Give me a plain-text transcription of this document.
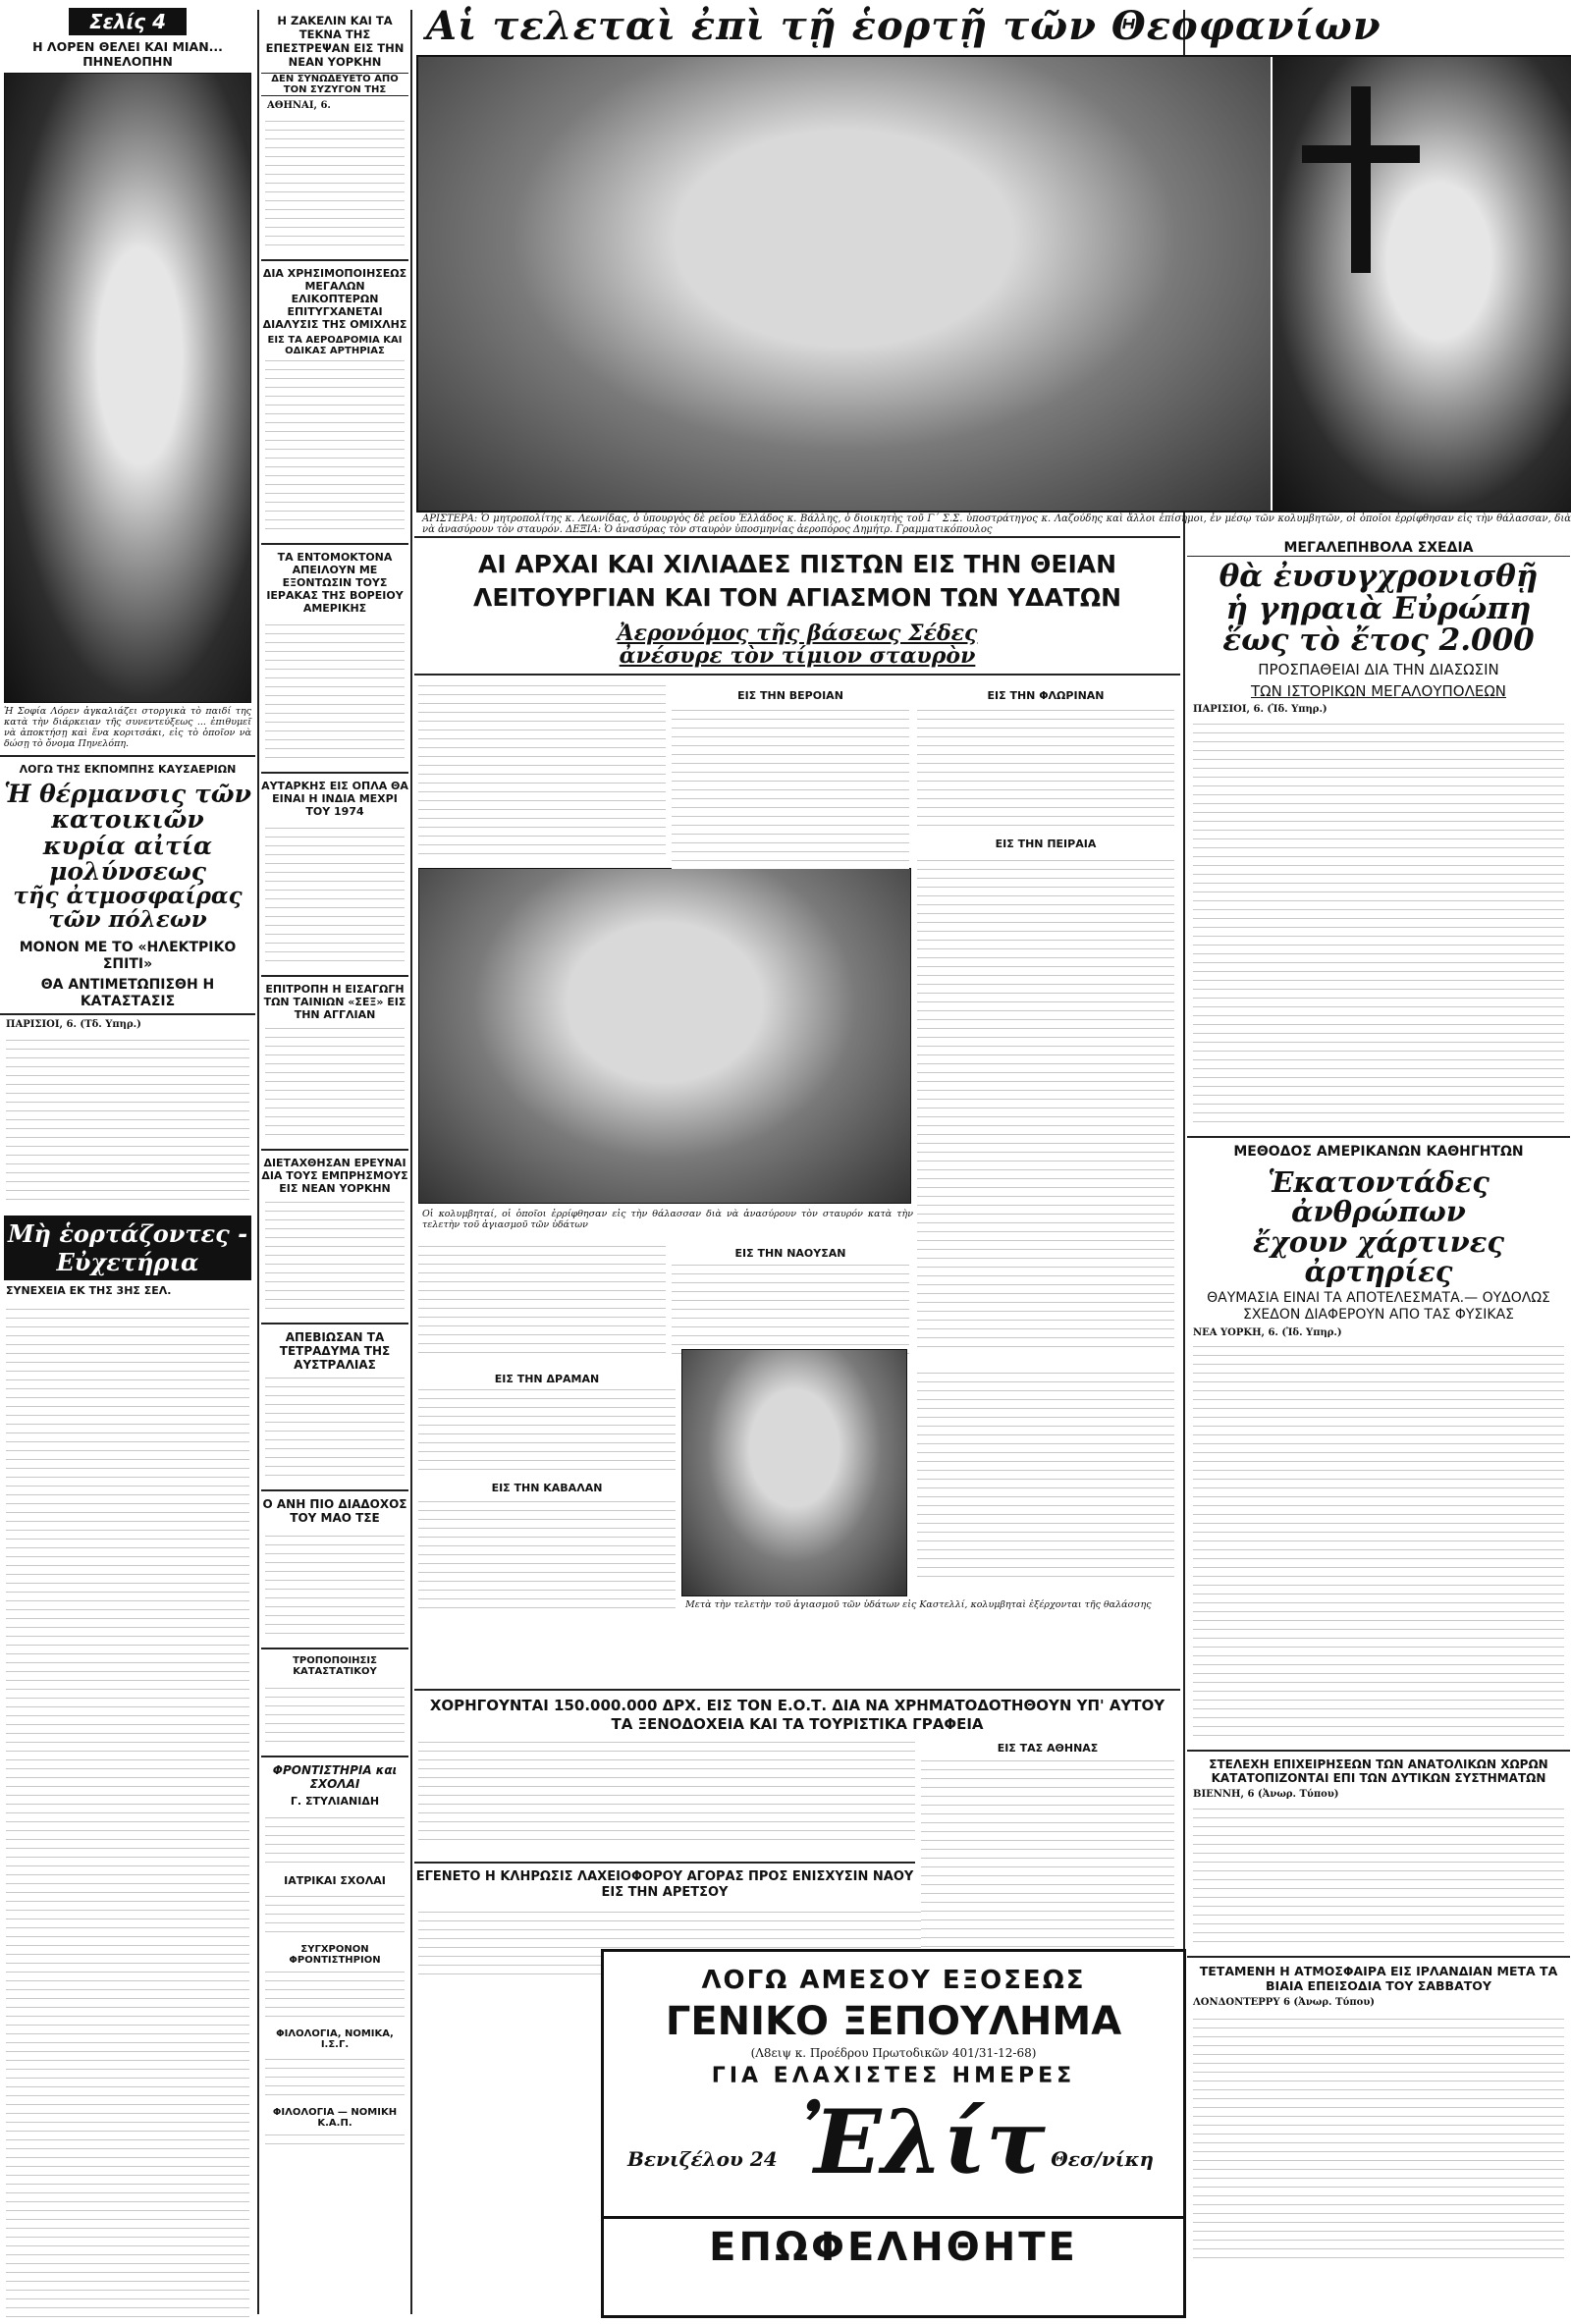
Σελίς 4
Η ΛΟΡΕΝ ΘΕΛΕΙ ΚΑΙ ΜΙΑΝ... ΠΗΝΕΛΟΠΗΝ
Ἡ Σοφία Λόρεν ἀγκαλιάζει στοργικὰ τὸ παιδί της κατὰ τὴν διάρκειαν τῆς συνεντεύξεως ... ἐπιθυμεῖ νὰ ἀποκτήσῃ καὶ ἕνα κοριτσάκι, εἰς τὸ ὁποῖον νὰ δώσῃ τὸ ὄνομα Πηνελόπη.
ΛΟΓΩ ΤΗΣ ΕΚΠΟΜΠΗΣ ΚΑΥΣΑΕΡΙΩΝ
Ἡ θέρμανσις τῶν κατοικιῶν
κυρία αἰτία μολύνσεως
τῆς ἀτμοσφαίρας τῶν πόλεων
ΜΟΝΟΝ ΜΕ ΤΟ «ΗΛΕΚΤΡΙΚΟ ΣΠΙΤΙ»
ΘΑ ΑΝΤΙΜΕΤΩΠΙΣΘΗ Η ΚΑΤΑΣΤΑΣΙΣ
ΠΑΡΙΣΙΟΙ, 6. (Τδ. Υπηρ.)
Μὴ ἑορτάζοντες - Εὐχετήρια
ΣΥΝΕΧΕΙΑ ΕΚ ΤΗΣ 3ΗΣ ΣΕΛ.
Η ΖΑΚΕΛΙΝ ΚΑΙ ΤΑ ΤΕΚΝΑ ΤΗΣ ΕΠΕΣΤΡΕΨΑΝ ΕΙΣ ΤΗΝ ΝΕΑΝ ΥΟΡΚΗΝ
ΔΕΝ ΣΥΝΩΔΕΥΕΤΟ ΑΠΟ ΤΟΝ ΣΥΖΥΓΟΝ ΤΗΣ
ΑΘΗΝΑΙ, 6.
ΔΙΑ ΧΡΗΣΙΜΟΠΟΙΗΣΕΩΣ ΜΕΓΑΛΩΝ ΕΛΙΚΟΠΤΕΡΩΝ ΕΠΙΤΥΓΧΑΝΕΤΑΙ ΔΙΑΛΥΣΙΣ ΤΗΣ ΟΜΙΧΛΗΣ
ΕΙΣ ΤΑ ΑΕΡΟΔΡΟΜΙΑ ΚΑΙ ΟΔΙΚΑΣ ΑΡΤΗΡΙΑΣ
ΤΑ ΕΝΤΟΜΟΚΤΟΝΑ ΑΠΕΙΛΟΥΝ ΜΕ ΕΞΟΝΤΩΣΙΝ ΤΟΥΣ ΙΕΡΑΚΑΣ ΤΗΣ ΒΟΡΕΙΟΥ ΑΜΕΡΙΚΗΣ
ΑΥΤΑΡΚΗΣ ΕΙΣ ΟΠΛΑ ΘΑ ΕΙΝΑΙ Η ΙΝΔΙΑ ΜΕΧΡΙ ΤΟΥ 1974
ΕΠΙΤΡΟΠΗ Η ΕΙΣΑΓΩΓΗ ΤΩΝ ΤΑΙΝΙΩΝ «ΣΕΞ» ΕΙΣ ΤΗΝ ΑΓΓΛΙΑΝ
ΔΙΕΤΑΧΘΗΣΑΝ ΕΡΕΥΝΑΙ ΔΙΑ ΤΟΥΣ ΕΜΠΡΗΣΜΟΥΣ ΕΙΣ ΝΕΑΝ ΥΟΡΚΗΝ
ΑΠΕΒΙΩΣΑΝ ΤΑ ΤΕΤΡΑΔΥΜΑ ΤΗΣ ΑΥΣΤΡΑΛΙΑΣ
Ο ΑΝΗ ΠΙΟ ΔΙΑΔΟΧΟΣ ΤΟΥ ΜΑΟ ΤΣΕ
ΤΡΟΠΟΠΟΙΗΣΙΣ ΚΑΤΑΣΤΑΤΙΚΟΥ
ΦΡΟΝΤΙΣΤΗΡΙΑ και ΣΧΟΛΑΙ
Γ. ΣΤΥΛΙΑΝΙΔΗ
ΙΑΤΡΙΚΑΙ ΣΧΟΛΑΙ
ΣΥΓΧΡΟΝΟΝ ΦΡΟΝΤΙΣΤΗΡΙΟΝ
ΦΙΛΟΛΟΓΙΑ, ΝΟΜΙΚΑ, Ι.Σ.Γ.
ΦΙΛΟΛΟΓΙΑ — ΝΟΜΙΚΗ Κ.Α.Π.
Αἱ τελεταὶ ἐπὶ τῇ ἑορτῇ τῶν Θεοφανίων
ΑΡΙΣΤΕΡΑ: Ὁ μητροπολίτης κ. Λεωνίδας, ὁ ὑπουργὸς δὲ ρεῖου Ἑλλάδος κ. Βάλλης, ὁ διοικητὴς τοῦ Γ΄ Σ.Σ. ὑποστράτηγος κ. Λαζούδης καὶ ἄλλοι ἐπίσημοι, ἐν μέσῳ τῶν κολυμβητῶν, οἱ ὁποῖοι ἐρρίφθησαν εἰς τὴν θάλασσαν, διὰ νὰ ἀνασύρουν τὸν σταυρόν. ΔΕΞΙΑ: Ὁ ἀνασύρας τὸν σταυρὸν ὑποσμηνίας ἀεροπόρος Δημήτρ. Γραμματικόπουλος
ΑΙ ΑΡΧΑΙ ΚΑΙ ΧΙΛΙΑΔΕΣ ΠΙΣΤΩΝ ΕΙΣ ΤΗΝ ΘΕΙΑΝ ΛΕΙΤΟΥΡΓΙΑΝ ΚΑΙ ΤΟΝ ΑΓΙΑΣΜΟΝ ΤΩΝ ΥΔΑΤΩΝ
Ἀερονόμος τῆς βάσεως Σέδες
ἀνέσυρε τὸν τίμιον σταυρὸν
Οἱ κολυμβηταί, οἱ ὁποῖοι ἐρρίφθησαν εἰς τὴν θάλασσαν διὰ νὰ ἀνασύρουν τὸν σταυρόν κατὰ τὴν τελετὴν τοῦ ἁγιασμοῦ τῶν ὑδάτων
ΕΙΣ ΤΗΝ ΒΕΡΟΙΑΝ
ΕΙΣ ΤΗΝ ΝΑΟΥΣΑΝ
ΕΙΣ ΤΗΝ ΦΛΩΡΙΝΑΝ
ΕΙΣ ΤΗΝ ΠΕΙΡΑΙΑ
ΕΙΣ ΤΗΝ ΔΡΑΜΑΝ
ΕΙΣ ΤΗΝ ΚΑΒΑΛΑΝ
Μετὰ τὴν τελετὴν τοῦ ἁγιασμοῦ τῶν ὑδάτων εἰς Καστελλί, κολυμβηταὶ ἐξέρχονται τῆς θαλάσσης
ΧΟΡΗΓΟΥΝΤΑΙ 150.000.000 ΔΡΧ. ΕΙΣ ΤΟΝ Ε.Ο.Τ. ΔΙΑ ΝΑ ΧΡΗΜΑΤΟΔΟΤΗΘΟΥΝ ΥΠ' ΑΥΤΟΥ ΤΑ ΞΕΝΟΔΟΧΕΙΑ ΚΑΙ ΤΑ ΤΟΥΡΙΣΤΙΚΑ ΓΡΑΦΕΙΑ
ΕΙΣ ΤΑΣ ΑΘΗΝΑΣ
ΕΓΕΝΕΤΟ Η ΚΛΗΡΩΣΙΣ ΛΑΧΕΙΟΦΟΡΟΥ ΑΓΟΡΑΣ ΠΡΟΣ ΕΝΙΣΧΥΣΙΝ ΝΑΟΥ ΕΙΣ ΤΗΝ ΑΡΕΤΣΟΥ
ΛΟΓΩ ΑΜΕΣΟΥ ΕΞΟΣΕΩΣ
ΓΕΝΙΚΟ ΞΕΠΟΥΛΗΜΑ
(Λ8ειψ κ. Προέδρου Πρωτοδικῶν 401/31-12-68)
ΓΙΑ ΕΛΑΧΙΣΤΕΣ ΗΜΕΡΕΣ
Βενιζέλου 24 Ἐλίτ Θεσ/νίκη
ΕΠΩΦΕΛΗΘΗΤΕ
ΜΕΓΑΛΕΠΗΒΟΛΑ ΣΧΕΔΙΑ
θὰ ἐυσυγχρονισθῇ
ἡ γηραιὰ Εὐρώπη
ἕως τὸ ἔτος 2.000
ΠΡΟΣΠΑΘΕΙΑΙ ΔΙΑ ΤΗΝ ΔΙΑΣΩΣΙΝ
ΤΩΝ ΙΣΤΟΡΙΚΩΝ ΜΕΓΑΛΟΥΠΟΛΕΩΝ
ΠΑΡΙΣΙΟΙ, 6. (Ἰδ. Υπηρ.)
ΜΕΘΟΔΟΣ ΑΜΕΡΙΚΑΝΩΝ ΚΑΘΗΓΗΤΩΝ
Ἑκατοντάδες ἀνθρώπων
ἔχουν χάρτινες ἀρτηρίες
ΘΑΥΜΑΣΙΑ ΕΙΝΑΙ ΤΑ ΑΠΟΤΕΛΕΣΜΑΤΑ.— ΟΥΔΟΛΩΣ ΣΧΕΔΟΝ ΔΙΑΦΕΡΟΥΝ ΑΠΟ ΤΑΣ ΦΥΣΙΚΑΣ
ΝΕΑ ΥΟΡΚΗ, 6. (Ἰδ. Υπηρ.)
ΣΤΕΛΕΧΗ ΕΠΙΧΕΙΡΗΣΕΩΝ ΤΩΝ ΑΝΑΤΟΛΙΚΩΝ ΧΩΡΩΝ ΚΑΤΑΤΟΠΙΖΟΝΤΑΙ ΕΠΙ ΤΩΝ ΔΥΤΙΚΩΝ ΣΥΣΤΗΜΑΤΩΝ
ΒΙΕΝΝΗ, 6 (Ἀνωρ. Τύπου)
ΤΕΤΑΜΕΝΗ Η ΑΤΜΟΣΦΑΙΡΑ ΕΙΣ ΙΡΛΑΝΔΙΑΝ ΜΕΤΑ ΤΑ ΒΙΑΙΑ ΕΠΕΙΣΟΔΙΑ ΤΟΥ ΣΑΒΒΑΤΟΥ
ΛΟΝΔΟΝΤΕΡΡΥ 6 (Ἀνωρ. Τύπου)
